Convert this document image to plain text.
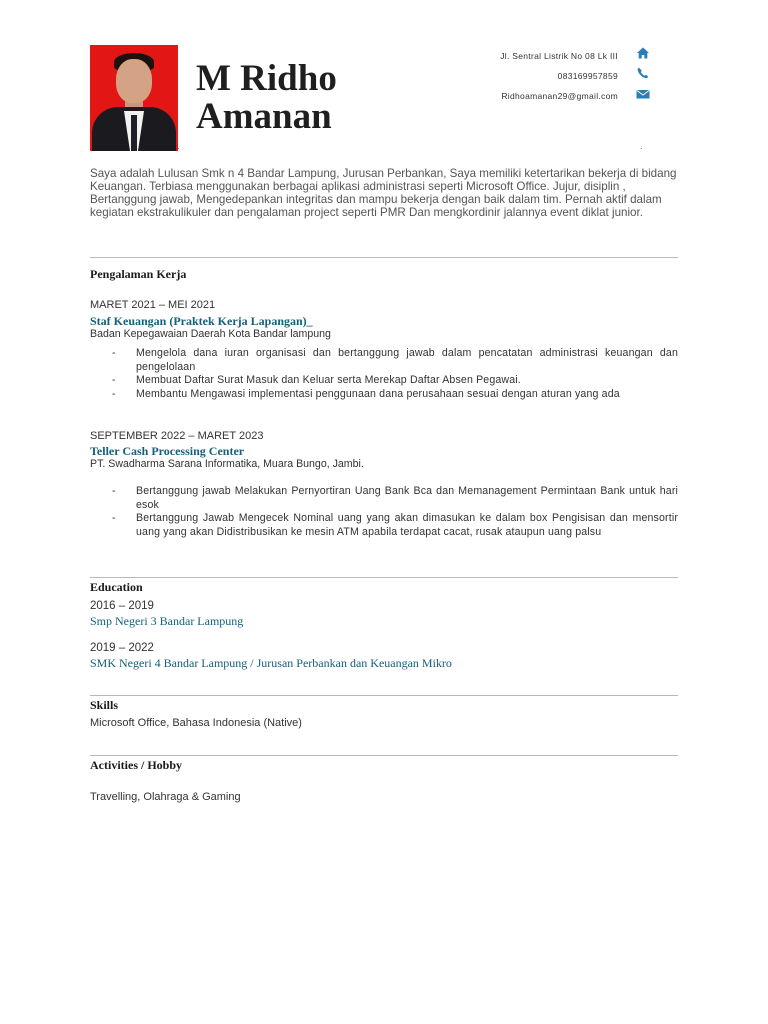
M Ridho
Amanan
Jl. Sentral Listrik No 08 Lk III
083169957859
Ridhoamanan29@gmail.com
.	.

Saya adalah Lulusan Smk n 4 Bandar Lampung, Jurusan Perbankan, Saya memiliki ketertarikan bekerja di bidang Keuangan. Terbiasa menggunakan berbagai aplikasi administrasi seperti Microsoft Office. Jujur, disiplin , Bertanggung jawab, Mengedepankan integritas dan mampu bekerja dengan baik dalam tim. Pernah aktif dalam kegiatan ekstrakulikuler dan pengalaman project seperti PMR Dan mengkordinir jalannya event diklat junior.

Pengalaman Kerja
MARET 2021 – MEI 2021
Staf Keuangan (Praktek Kerja Lapangan)_
Badan Kepegawaian Daerah Kota Bandar lampung
- Mengelola dana iuran organisasi dan bertanggung jawab dalam pencatatan administrasi keuangan dan pengelolaan
- Membuat Daftar Surat Masuk dan Keluar serta Merekap Daftar Absen Pegawai.
- Membantu Mengawasi implementasi penggunaan dana perusahaan sesuai dengan aturan yang ada
SEPTEMBER 2022 – MARET 2023
Teller Cash Processing Center
PT. Swadharma Sarana Informatika, Muara Bungo, Jambi.
- Bertanggung jawab Melakukan Pernyortiran Uang Bank Bca dan Memanagement Permintaan Bank untuk hari esok
- Bertanggung Jawab Mengecek Nominal uang yang akan dimasukan ke dalam box Pengisisan dan mensortir uang yang akan Didistribusikan ke mesin ATM apabila terdapat cacat, rusak ataupun uang palsu
Education
2016 – 2019
Smp Negeri 3 Bandar Lampung
2019 – 2022
SMK Negeri 4 Bandar Lampung / Jurusan Perbankan dan Keuangan Mikro
Skills
Microsoft Office, Bahasa Indonesia (Native)
Activities / Hobby
Travelling, Olahraga & Gaming
